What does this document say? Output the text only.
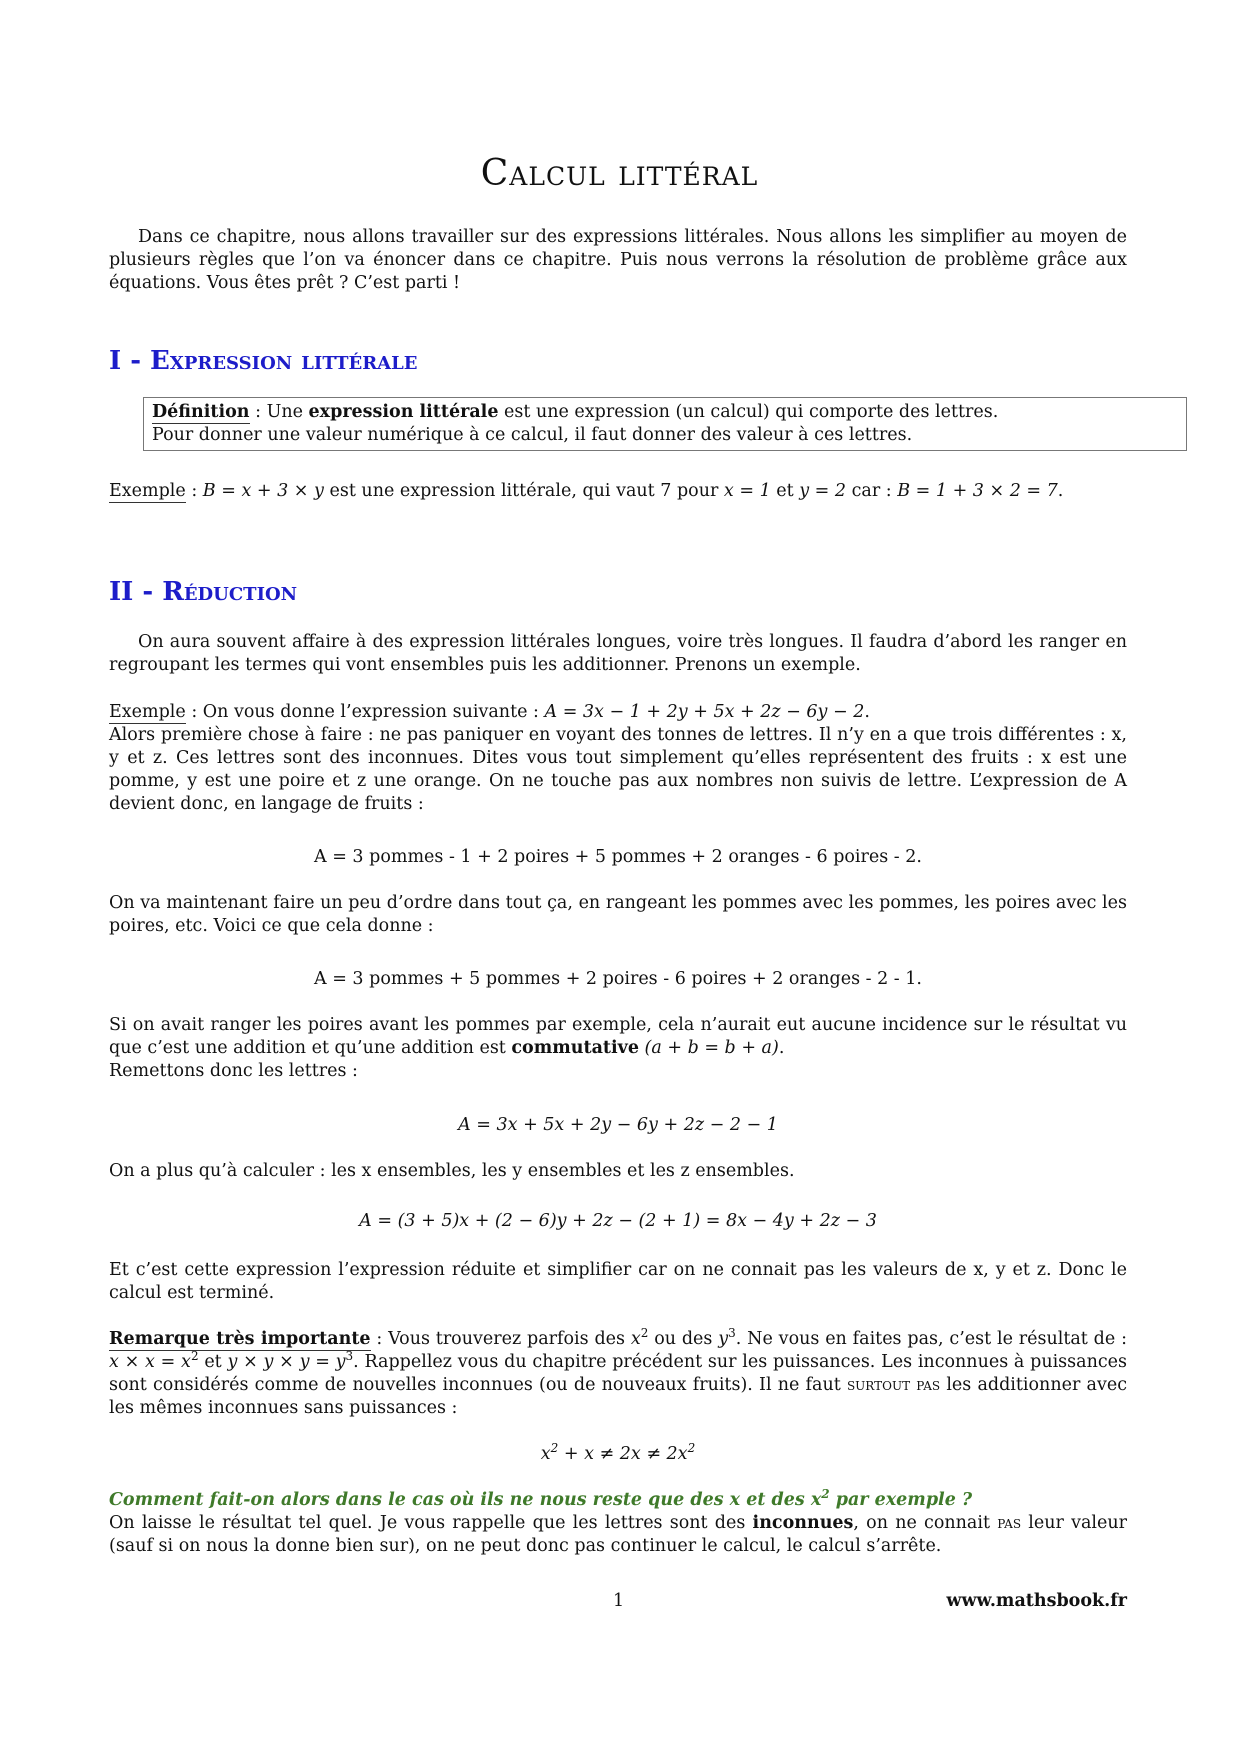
Calcul littéral
Dans ce chapitre, nous allons travailler sur des expressions littérales. Nous allons les simplifier au moyen de plusieurs règles que l’on va énoncer dans ce chapitre. Puis nous verrons la résolution de problème grâce aux équations. Vous êtes prêt ? C’est parti !
I - Expression littérale
Définition : Une expression littérale est une expression (un calcul) qui comporte des lettres.
Pour donner une valeur numérique à ce calcul, il faut donner des valeur à ces lettres.
Exemple : B = x + 3 × y est une expression littérale, qui vaut 7 pour x = 1 et y = 2 car : B = 1 + 3 × 2 = 7.
II - Réduction
On aura souvent affaire à des expression littérales longues, voire très longues. Il faudra d’abord les ranger en regroupant les termes qui vont ensembles puis les additionner. Prenons un exemple.
Exemple : On vous donne l’expression suivante : A = 3x − 1 + 2y + 5x + 2z − 6y − 2.
Alors première chose à faire : ne pas paniquer en voyant des tonnes de lettres. Il n’y en a que trois différentes : x, y et z. Ces lettres sont des inconnues. Dites vous tout simplement qu’elles représentent des fruits : x est une pomme, y est une poire et z une orange. On ne touche pas aux nombres non suivis de lettre. L’expression de A devient donc, en langage de fruits :
A = 3 pommes - 1 + 2 poires + 5 pommes + 2 oranges - 6 poires - 2.
On va maintenant faire un peu d’ordre dans tout ça, en rangeant les pommes avec les pommes, les poires avec les poires, etc. Voici ce que cela donne :
A = 3 pommes + 5 pommes + 2 poires - 6 poires + 2 oranges - 2 - 1.
Si on avait ranger les poires avant les pommes par exemple, cela n’aurait eut aucune incidence sur le résultat vu que c’est une addition et qu’une addition est commutative (a + b = b + a).
Remettons donc les lettres :
A = 3x + 5x + 2y − 6y + 2z − 2 − 1
On a plus qu’à calculer : les x ensembles, les y ensembles et les z ensembles.
A = (3 + 5)x + (2 − 6)y + 2z − (2 + 1) = 8x − 4y + 2z − 3
Et c’est cette expression l’expression réduite et simplifier car on ne connait pas les valeurs de x, y et z. Donc le calcul est terminé.
Remarque très importante : Vous trouverez parfois des $x^2$ ou des $y^3$. Ne vous en faites pas, c’est le résultat de : $x \times x = x^2$ et $y \times y \times y = y^3$. Rappellez vous du chapitre précédent sur les puissances. Les inconnues à puissances sont considérés comme de nouvelles inconnues (ou de nouveaux fruits). Il ne faut surtout pas les additionner avec les mêmes inconnues sans puissances :
$x^2 + x \ne 2x \ne 2x^2$
Comment fait-on alors dans le cas où ils ne nous reste que des x et des $x^2$ par exemple ?
On laisse le résultat tel quel. Je vous rappelle que les lettres sont des inconnues, on ne connait pas leur valeur (sauf si on nous la donne bien sur), on ne peut donc pas continuer le calcul, le calcul s’arrête.
1	www.mathsbook.fr
